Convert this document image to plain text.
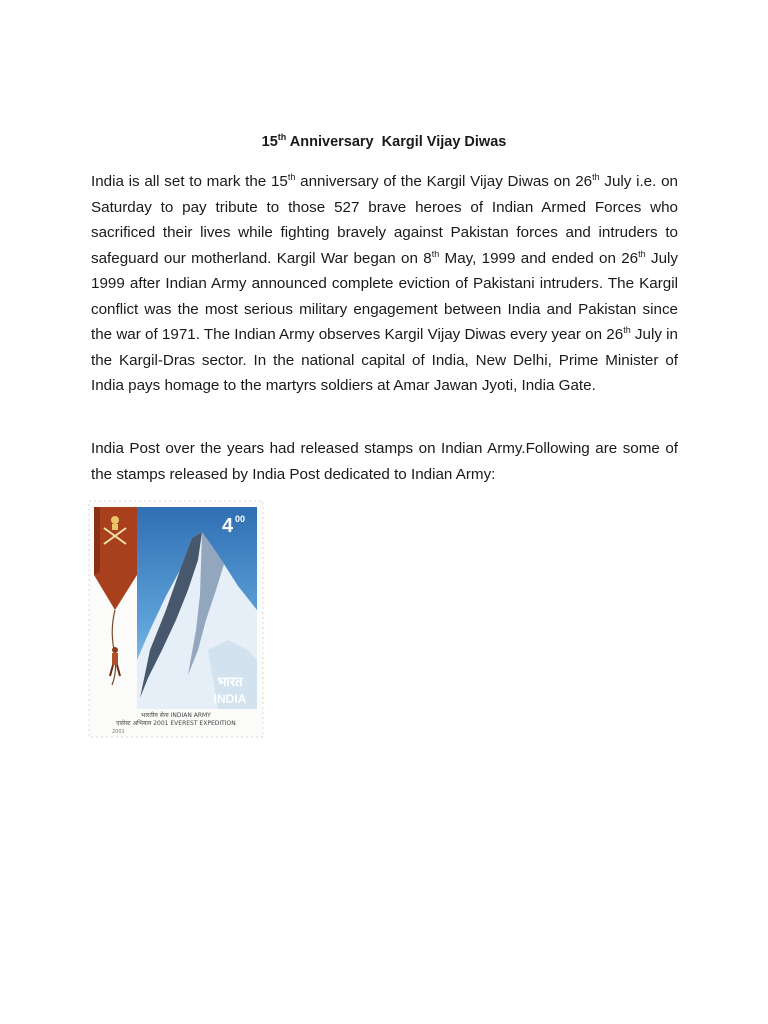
15th Anniversary  Kargil Vijay Diwas

India is all set to mark the 15th anniversary of the Kargil Vijay Diwas on 26th July i.e. on Saturday to pay tribute to those 527 brave heroes of Indian Armed Forces who sacrificed their lives while fighting bravely against Pakistan forces and intruders to safeguard our motherland. Kargil War began on 8th May, 1999 and ended on 26th July 1999 after Indian Army announced complete eviction of Pakistani intruders. The Kargil conflict was the most serious military engagement between India and Pakistan since the war of 1971. The Indian Army observes Kargil Vijay Diwas every year on 26th July in the Kargil-Dras sector. In the national capital of India, New Delhi, Prime Minister of India pays homage to the martyrs soldiers at Amar Jawan Jyoti, India Gate.

India Post over the years had released stamps on Indian Army.Following are some of the stamps released by India Post dedicated to Indian Army:

4 00
भारत
INDIA
भारतीय सेना INDIAN ARMY
एवरेस्ट अभियान 2001 EVEREST EXPEDITION
2001
